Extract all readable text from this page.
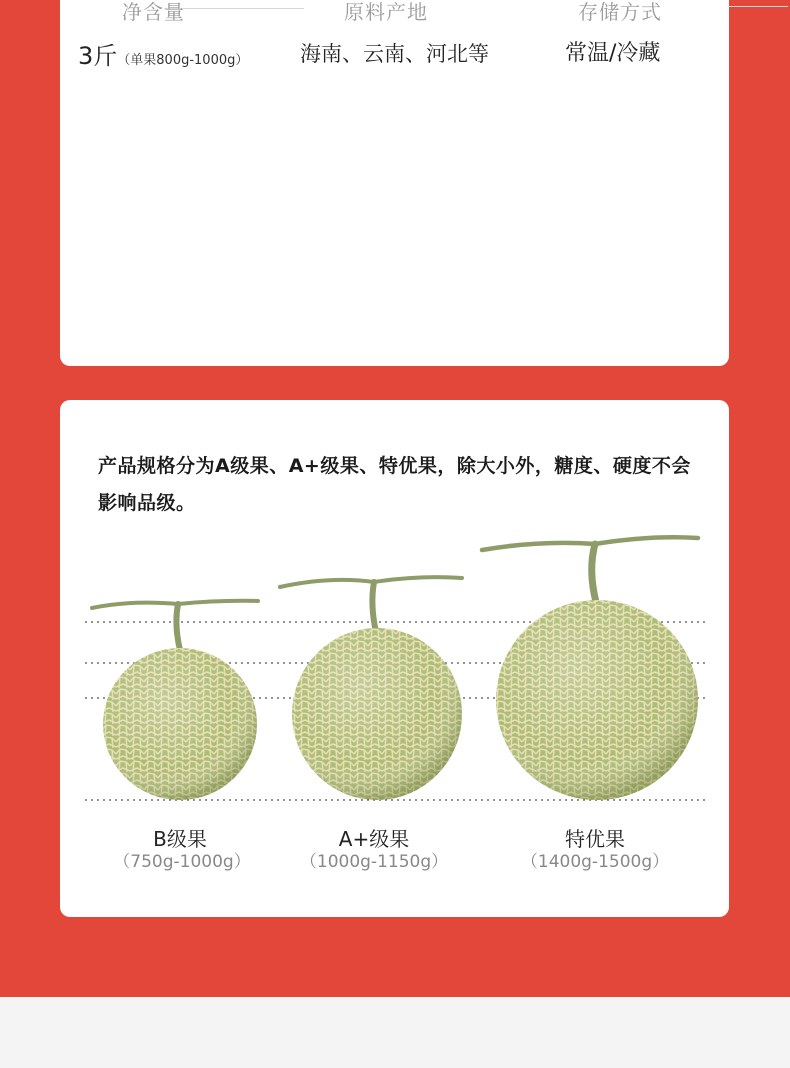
净含量
3斤（单果800g-1000g）
原料产地
海南、云南、河北等
存储方式
常温/冷藏
产品规格分为A级果、A+级果、特优果，除大小外，糖度、硬度不会影响品级。
B级果
（750g-1000g）
A+级果
（1000g-1150g）
特优果
（1400g-1500g）
